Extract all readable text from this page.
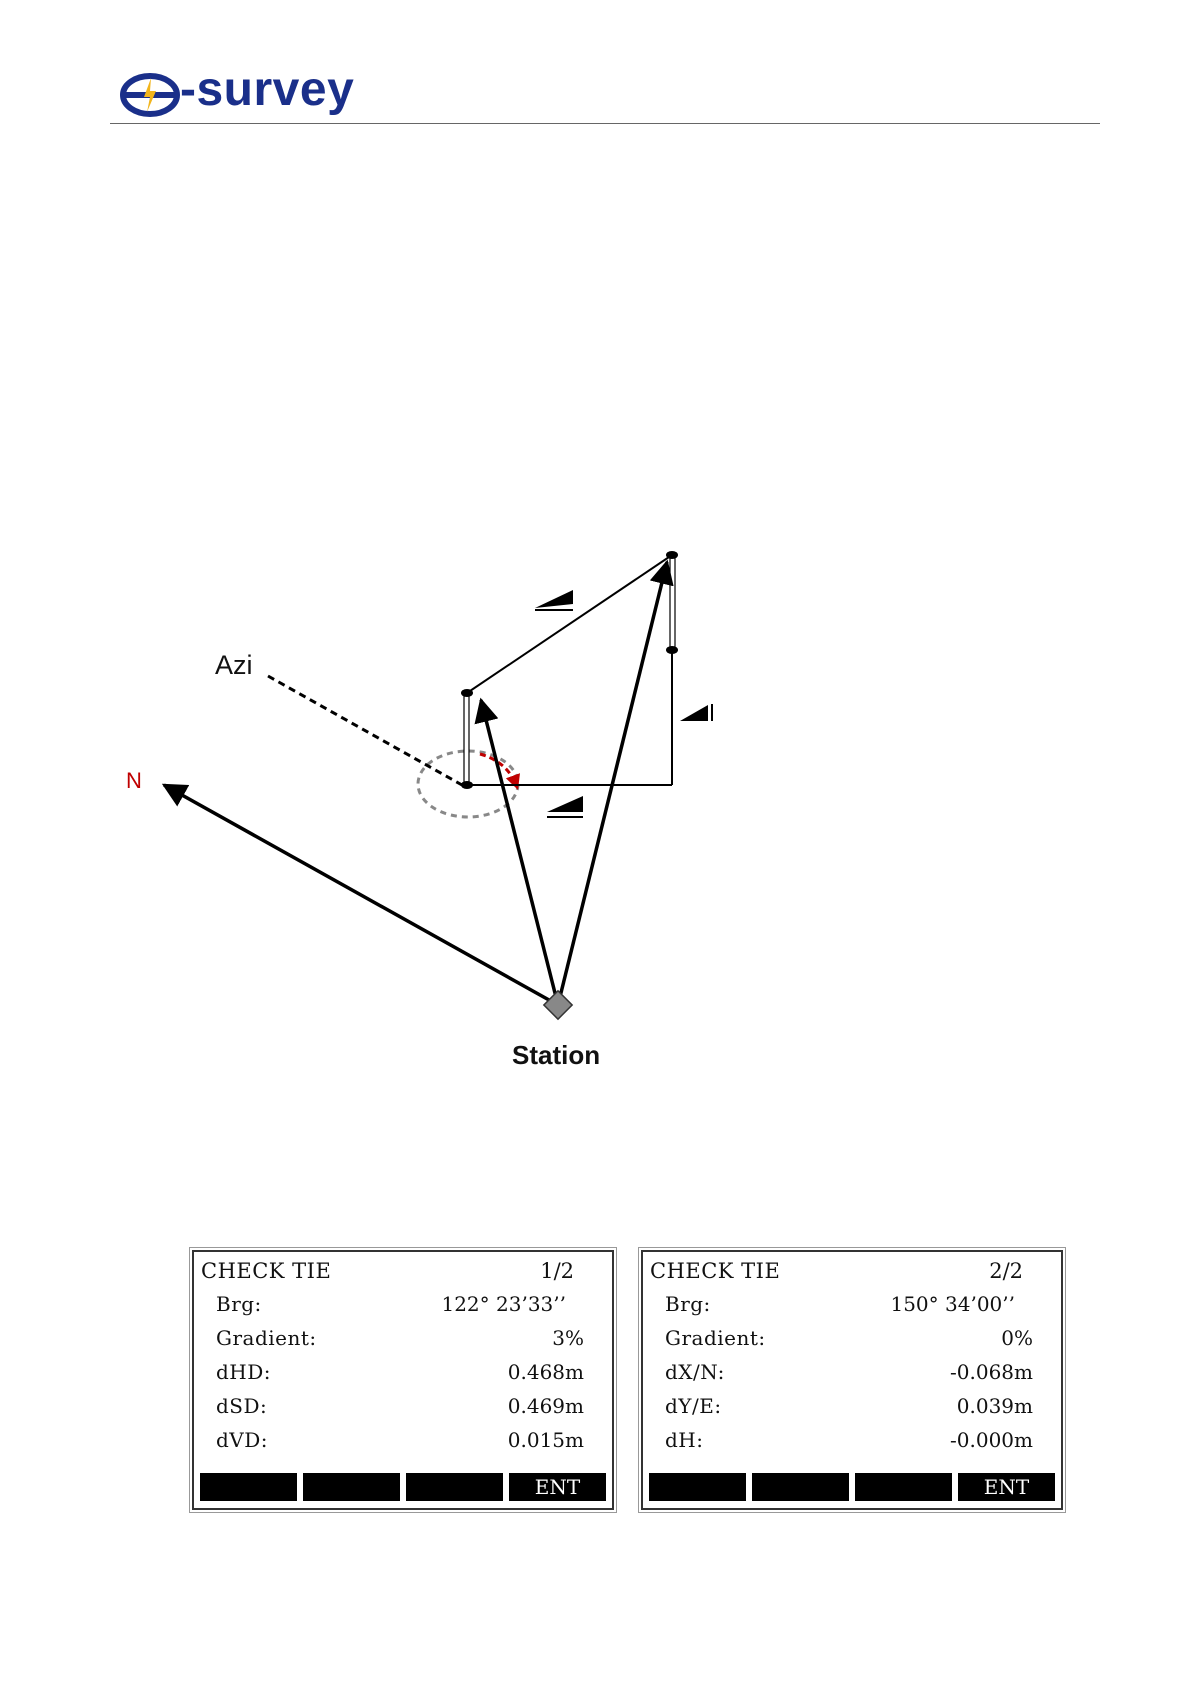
-survey
Azi
N
Station
CHECK TIE	1/2
Brg:	122° 23’33’’
Gradient:	3%
dHD:	0.468m
dSD:	0.469m
dVD:	0.015m
ENT
CHECK TIE	2/2
Brg:	150° 34’00’’
Gradient:	0%
dX/N:	-0.068m
dY/E:	0.039m
dH:	-0.000m
ENT
